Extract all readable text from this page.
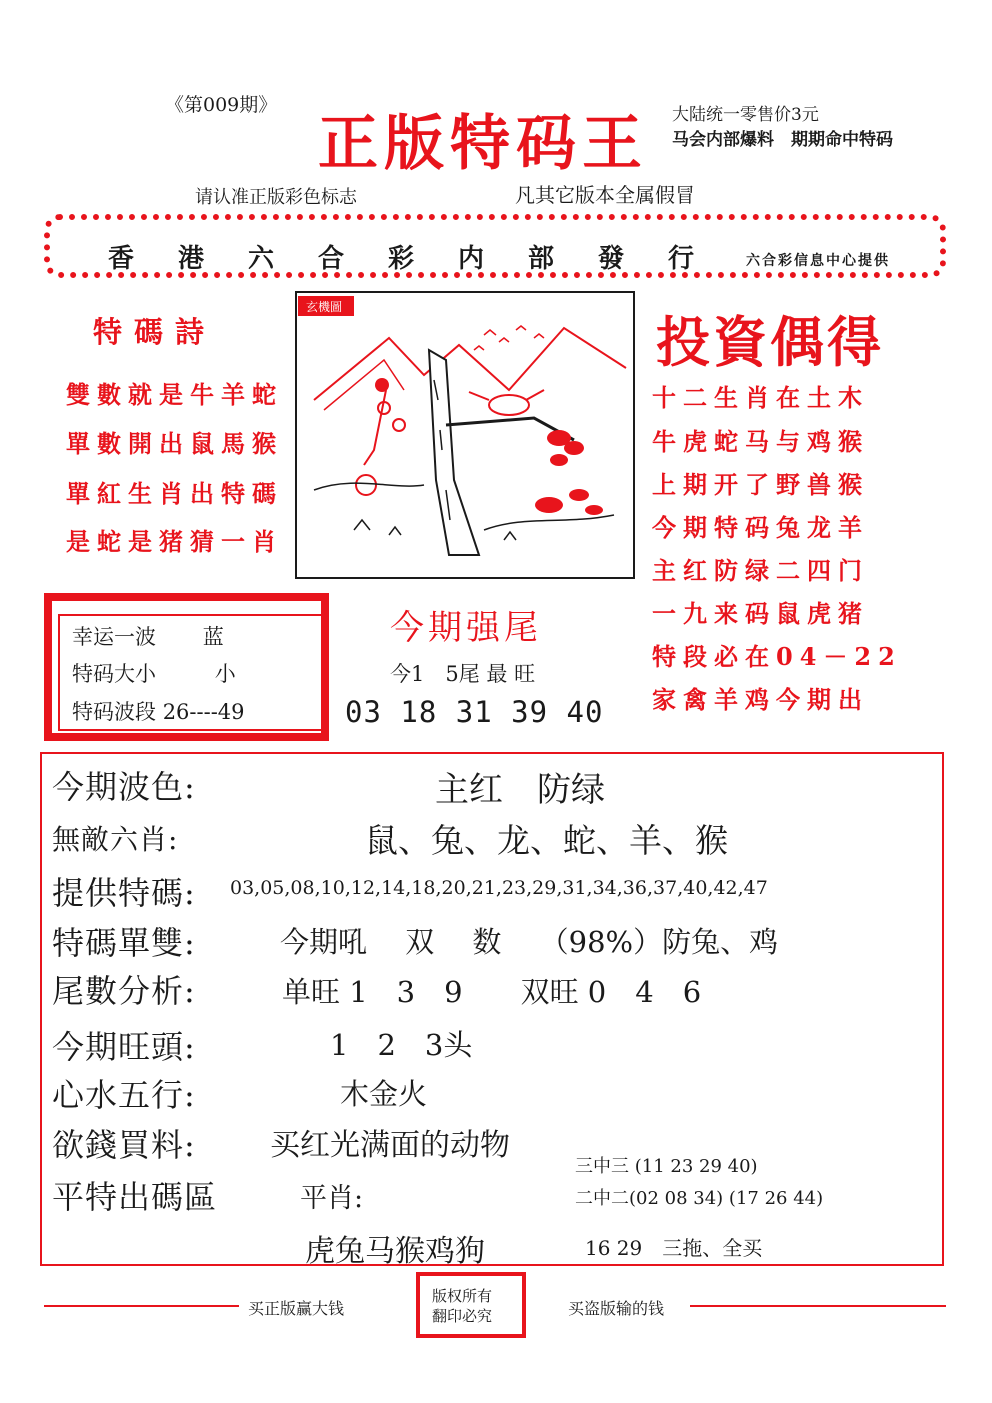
《第009期》
正版特码王 大陆统一零售价3元
马会内部爆料　期期命中特码
请认准正版彩色标志	凡其它版本全属假冒
香港六合彩内部發行 六合彩信息中心提供
特碼詩
雙數就是牛羊蛇
單數開出鼠馬猴
單紅生肖出特碼
是蛇是猪猜一肖
玄機圖
投資偶得
十二生肖在土木
牛虎蛇马与鸡猴
上期开了野兽猴
今期特码兔龙羊
主红防绿二四门
一九来码鼠虎猪
特段必在04－22
家禽羊鸡今期出
幸运一波 蓝
特码大小	小
特码波段 26----49
今期强尾
今1　5尾 最 旺
03 18 31 39 40
今期波色:	主红　防绿
無敵六肖:	鼠、兔、龙、蛇、羊、猴
提供特碼: 03,05,08,10,12,14,18,20,21,23,29,31,34,36,37,40,42,47
特碼單雙:	今期吼　 双　 数　 （98%）防兔、鸡
尾數分析:	单旺 1　3　9　　双旺 0　4　6
今期旺頭:	1　2　3头
心水五行:	木金火
欲錢買料: 买红光满面的动物
平特出碼區	平肖:
虎兔马猴鸡狗
三中三 (11 23 29 40)
二中二(02 08 34) (17 26 44)
16 29　三拖、全买
买正版赢大钱	买盗版输的钱
版权所有
翻印必究
